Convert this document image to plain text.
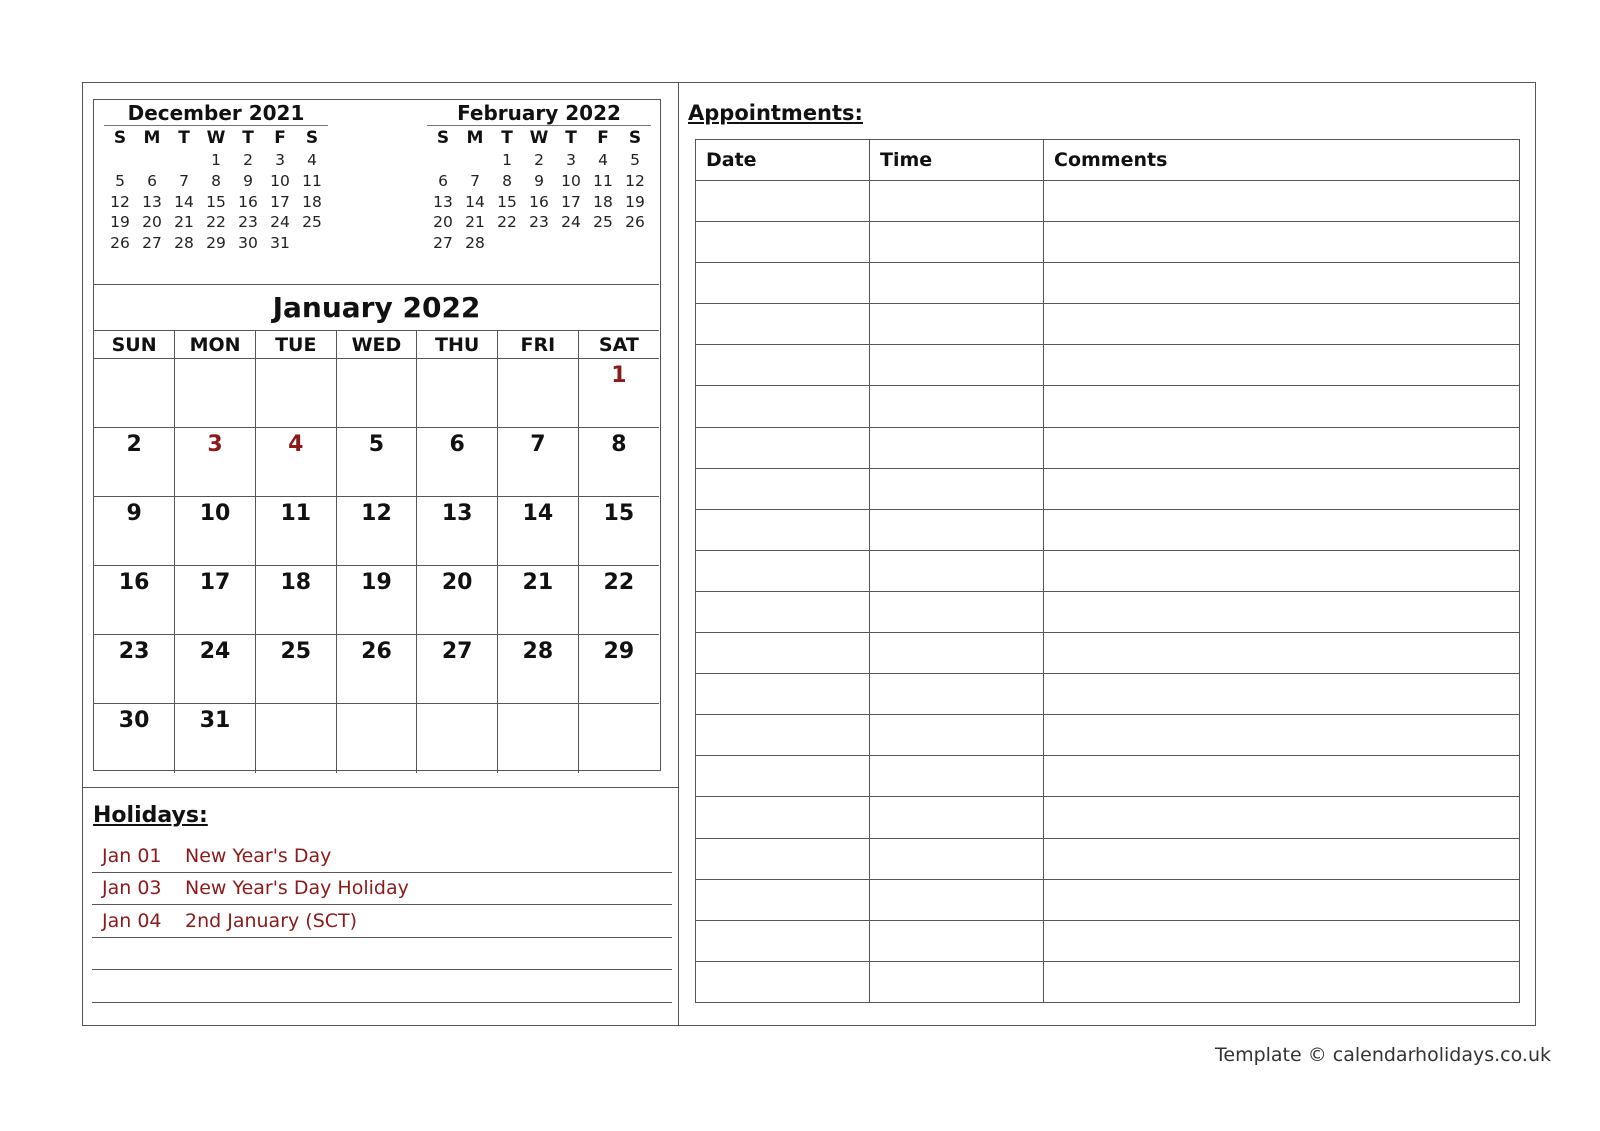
December 2021
S	M	T	W	T	F	S
			1	2	3	4
5	6	7	8	9	10	11
12	13	14	15	16	17	18
19	20	21	22	23	24	25
26	27	28	29	30	31	
February 2022
S	M	T	W	T	F	S
		1	2	3	4	5
6	7	8	9	10	11	12
13	14	15	16	17	18	19
20	21	22	23	24	25	26
27	28					
January 2022
SUN	MON	TUE	WED	THU	FRI	SAT
						1
2	3	4	5	6	7	8
9	10	11	12	13	14	15
16	17	18	19	20	21	22
23	24	25	26	27	28	29
30	31					
Holidays:
Jan 01	New Year's Day
Jan 03	New Year's Day Holiday
Jan 04	2nd January (SCT)
Appointments:
Date	Time	Comments

Template © calendarholidays.co.uk
